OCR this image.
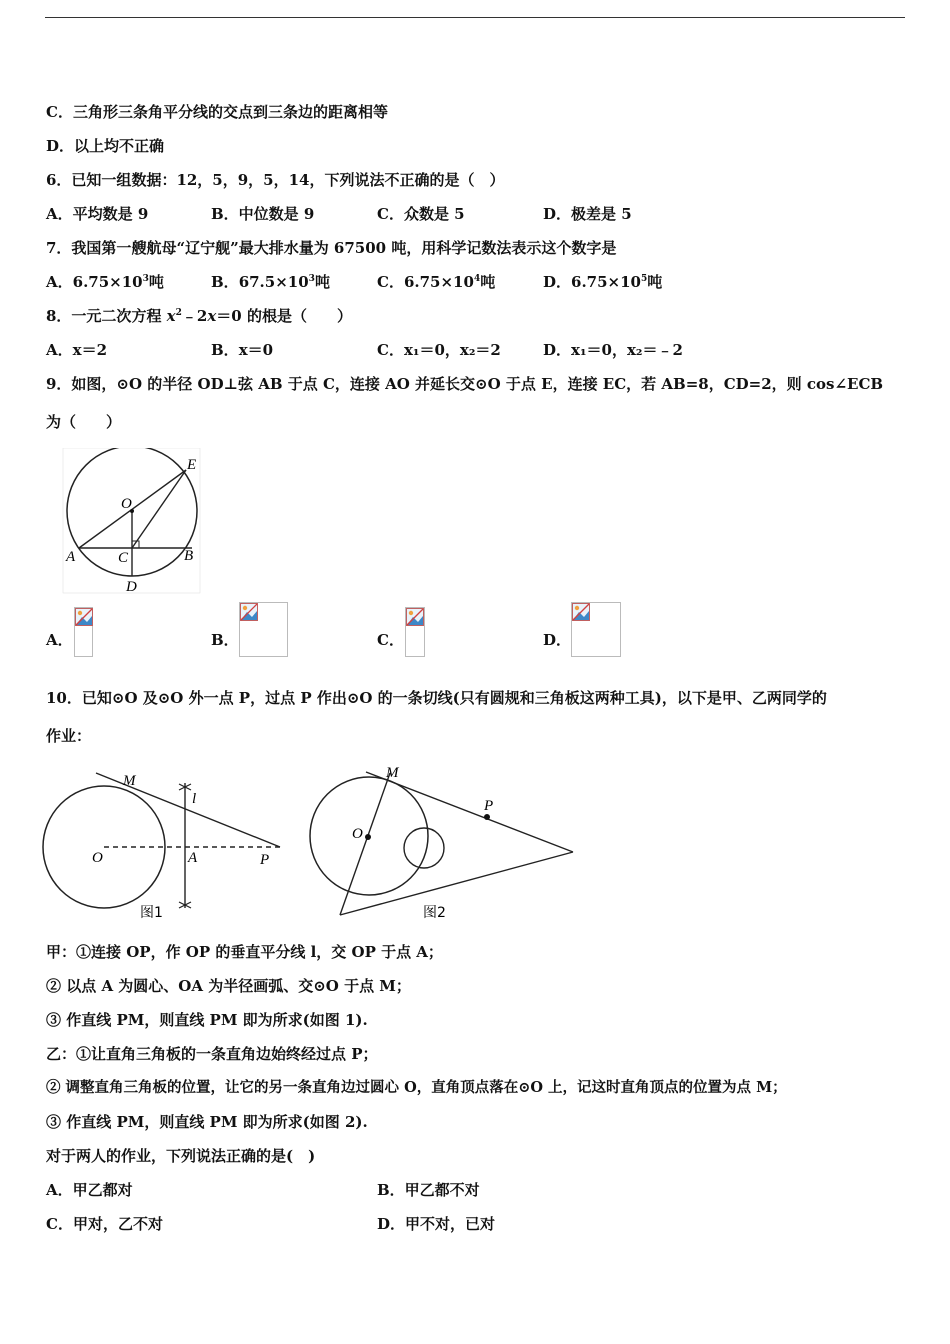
C．三角形三条角平分线的交点到三条边的距离相等
D．以上均不正确
6．已知一组数据：12，5，9，5，14，下列说法不正确的是（　）
A．平均数是 9	B．中位数是 9	C．众数是 5	D．极差是 5
7．我国第一艘航母“辽宁舰”最大排水量为 67500 吨，用科学记数法表示这个数字是
A．$6.75\times 10^3$吨	B．$67.5\times 10^3$吨	C．$6.75\times 10^4$吨	D．$6.75\times 10^5$吨
8．一元二次方程 $x^2﹣2x=0$ 的根是（　　）
A．x＝2	B．x＝0	C．x₁＝0，x₂＝2	D．x₁＝0，x₂＝﹣2
9．如图，⊙O 的半径 OD⊥弦 AB 于点 C，连接 AO 并延长交⊙O 于点 E，连接 EC，若 AB=8，CD=2，则 cos∠ECB
为（　　）
O
E
A	B
C
D
A．	B．	C．	D．
10．已知⊙O 及⊙O 外一点 P，过点 P 作出⊙O 的一条切线(只有圆规和三角板这两种工具)，以下是甲、乙两同学的
作业：
M
l
O	A	P
图1
M
P
O
图2
甲：①连接 OP，作 OP 的垂直平分线 l，交 OP 于点 A；
② 以点 A 为圆心、OA 为半径画弧、交⊙O 于点 M；
③ 作直线 PM，则直线 PM 即为所求(如图 1).
乙：①让直角三角板的一条直角边始终经过点 P；
② 调整直角三角板的位置，让它的另一条直角边过圆心 O，直角顶点落在⊙O 上，记这时直角顶点的位置为点 M；
③ 作直线 PM，则直线 PM 即为所求(如图 2).
对于两人的作业，下列说法正确的是(　)
A．甲乙都对	B．甲乙都不对
C．甲对，乙不对	D．甲不对，已对
